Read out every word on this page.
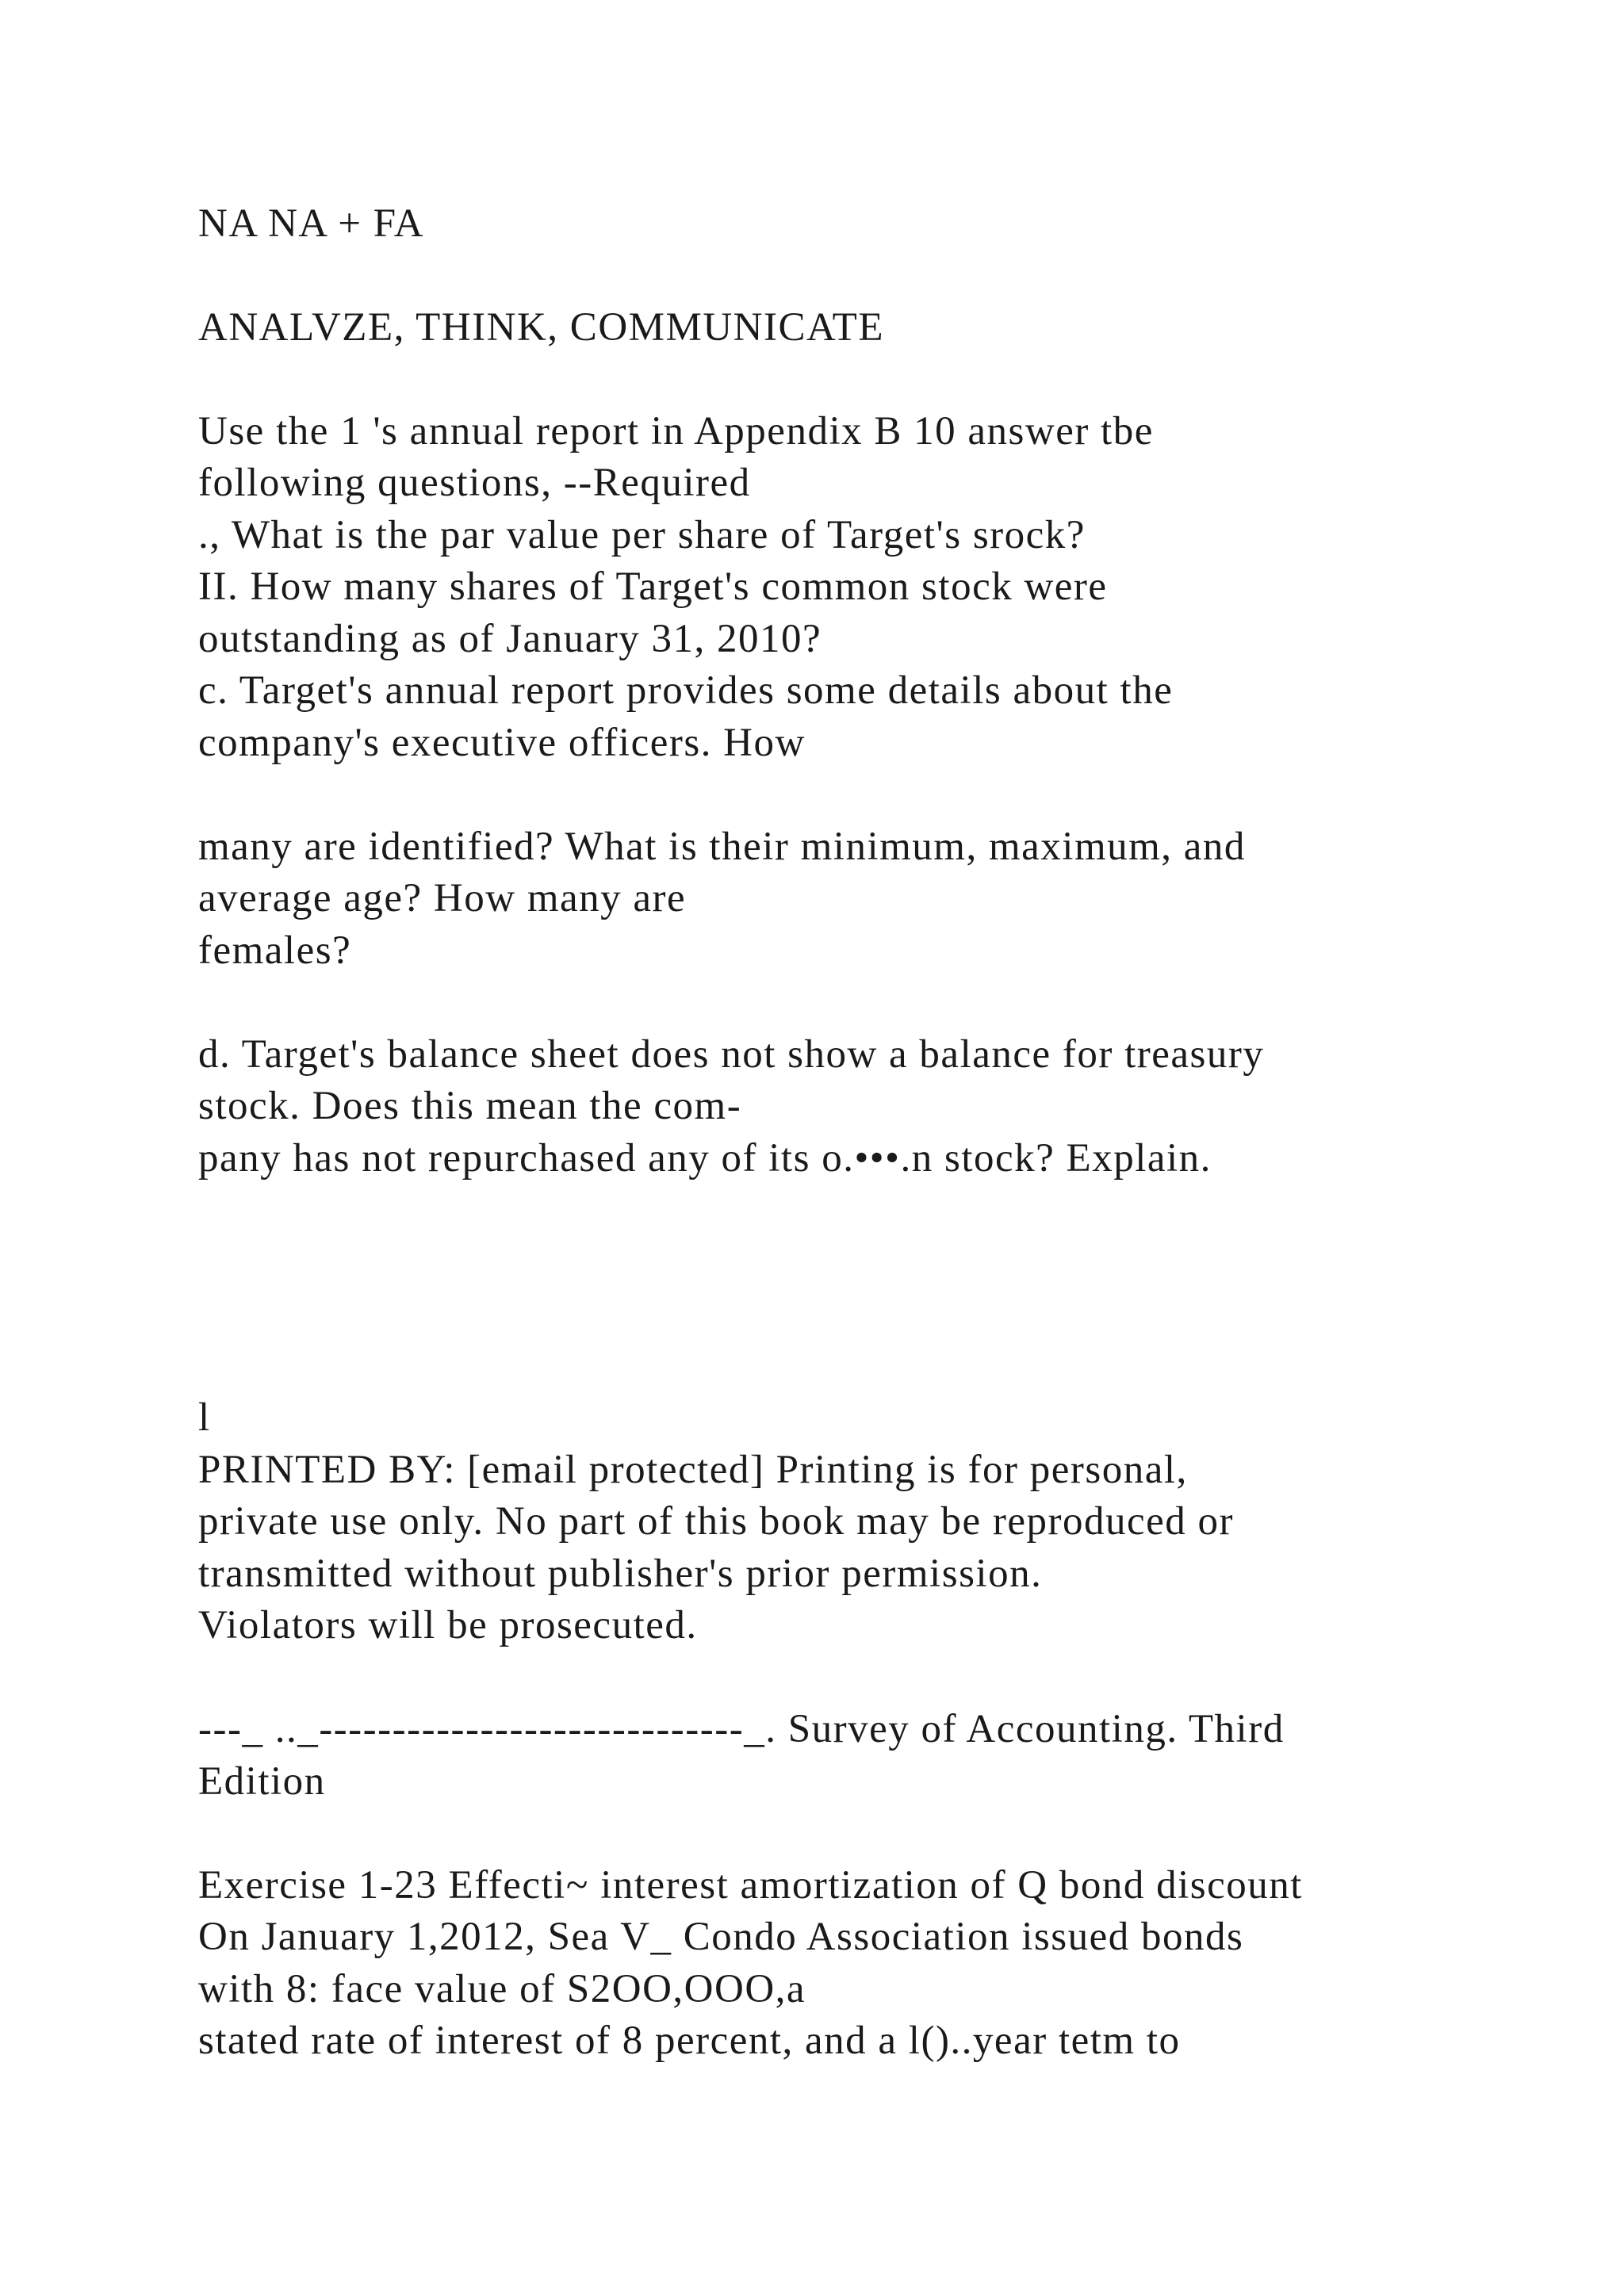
NA NA + FA
ANALVZE, THINK, COMMUNICATE
Use the 1 's annual report in Appendix B 10 answer tbe
following questions, --Required
., What is the par value per share of Target's srock?
II. How many shares of Target's common stock were
outstanding as of January 31, 2010?
c. Target's annual report provides some details about the
company's executive officers. How
many are identified? What is their minimum, maximum, and
average age? How many are
females?
d. Target's balance sheet does not show a balance for treasury
stock. Does this mean the com-
pany has not repurchased any of its o.•••.n stock? Explain.
l
PRINTED BY: [email protected] Printing is for personal,
private use only. No part of this book may be reproduced or
transmitted without publisher's prior permission.
Violators will be prosecuted.
---_ .._-----------------------------_. Survey of Accounting. Third
Edition
Exercise 1-23 Effecti~ interest amortization of Q bond discount
On January 1,2012, Sea V_ Condo Association issued bonds
with 8: face value of S2OO,OOO,a
stated rate of interest of 8 percent, and a l()..year tetm to
